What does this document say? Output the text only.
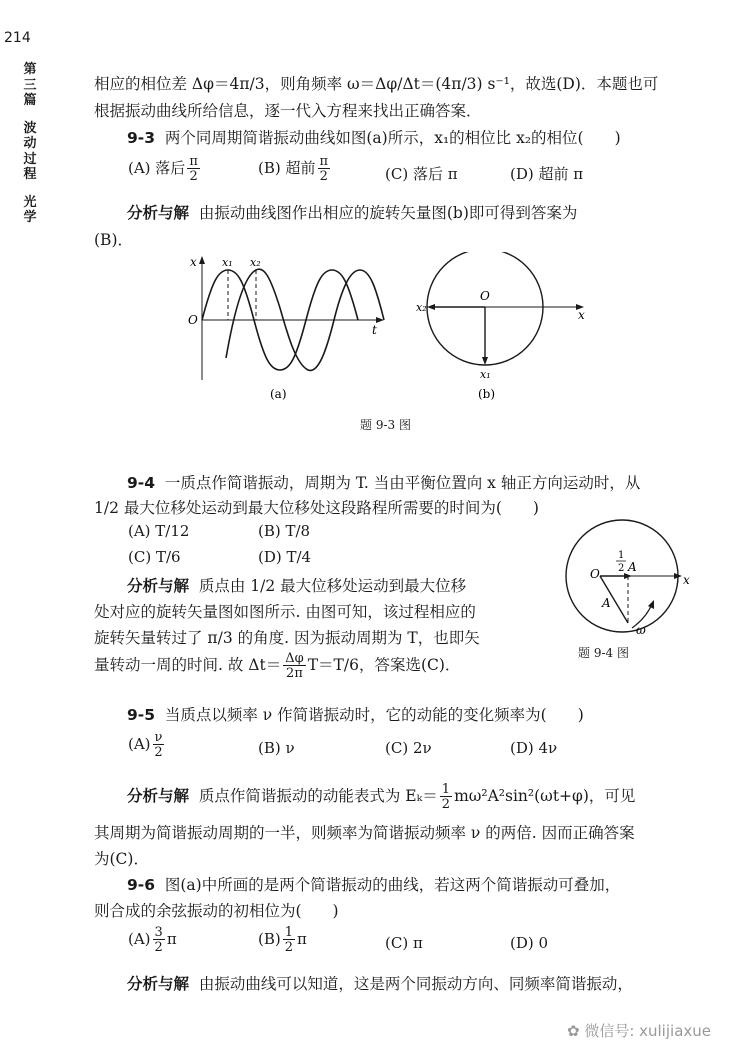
214
第
三
篇
波
动
过
程
光
学
相应的相位差 Δφ＝4π/3，则角频率 ω＝Δφ/Δt＝(4π/3) s⁻¹，故选(D)．本题也可
根据振动曲线所给信息，逐一代入方程来找出正确答案．
9-3 两个同周期简谐振动曲线如图(a)所示，x₁的相位比 x₂的相位(　　)
(A) 落后 $\frac{\pi}{2}$	(B) 超前 $\frac{\pi}{2}$	(C) 落后 π	(D) 超前 π
分析与解 由振动曲线图作出相应的旋转矢量图(b)即可得到答案为
(B)．
x x₁ x₂
O
t
(a)
O
x₂
x
x₁
(b)
题 9-3 图
9-4 一质点作简谐振动，周期为 T. 当由平衡位置向 x 轴正方向运动时，从
1/2 最大位移处运动到最大位移处这段路程所需要的时间为(　　)
(A) T/12	(B) T/8
(C) T/6	(D) T/4
分析与解 质点由 1/2 最大位移处运动到最大位移
处对应的旋转矢量图如图所示. 由图可知，该过程相应的
旋转矢量转过了 π/3 的角度. 因为振动周期为 T，也即矢
量转动一周的时间. 故 $\Delta t= \frac{\Delta\varphi}{2\pi} T=T/6$，答案选(C)．
O
1
2 A
x
A
ω
题 9-4 图
9-5 当质点以频率 ν 作简谐振动时，它的动能的变化频率为(　　)
$(A) \frac{\nu}{2}$	(B) ν	(C) 2ν	(D) 4ν
分析与解 质点作简谐振动的动能表式为 $E_k= \frac{1}{2} m\omega^2A^2\sin^2(\omega t+\varphi)$，可见
其周期为简谐振动周期的一半，则频率为简谐振动频率 ν 的两倍. 因而正确答案
为(C)．
9-6 图(a)中所画的是两个简谐振动的曲线，若这两个简谐振动可叠加，
则合成的余弦振动的初相位为(　　)
$(A) \frac{3}{2}$ π	$(B) \frac{1}{2}$ π	(C) π	(D) 0
分析与解 由振动曲线可以知道，这是两个同振动方向、同频率简谐振动，
✿ 微信号: xulijiaxue
